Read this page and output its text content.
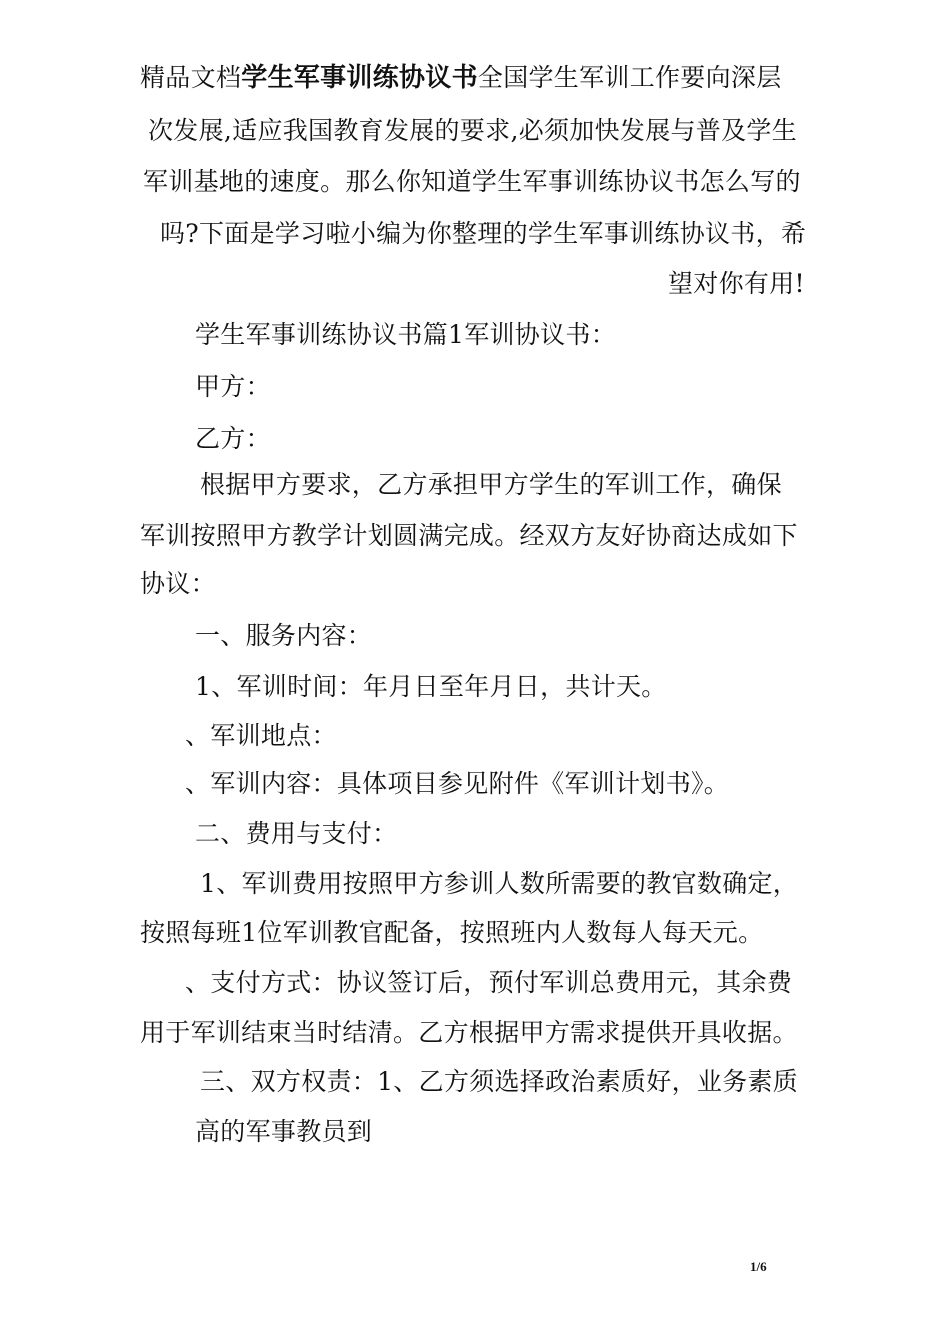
精品文档学生军事训练协议书全国学生军训工作要向深层
次发展,适应我国教育发展的要求,必须加快发展与普及学生
军训基地的速度。那么你知道学生军事训练协议书怎么写的
吗?下面是学习啦小编为你整理的学生军事训练协议书，希
望对你有用!
学生军事训练协议书篇1军训协议书：
甲方：
乙方：
根据甲方要求，乙方承担甲方学生的军训工作，确保
军训按照甲方教学计划圆满完成。经双方友好协商达成如下
协议：
一、服务内容：
1、军训时间：年月日至年月日，共计天。
、军训地点：
、军训内容：具体项目参见附件《军训计划书》。
二、费用与支付：
1、军训费用按照甲方参训人数所需要的教官数确定，
按照每班1位军训教官配备，按照班内人数每人每天元。
、支付方式：协议签订后，预付军训总费用元，其余费
用于军训结束当时结清。乙方根据甲方需求提供开具收据。
三、双方权责：1、乙方须选择政治素质好，业务素质
高的军事教员到
1/6
